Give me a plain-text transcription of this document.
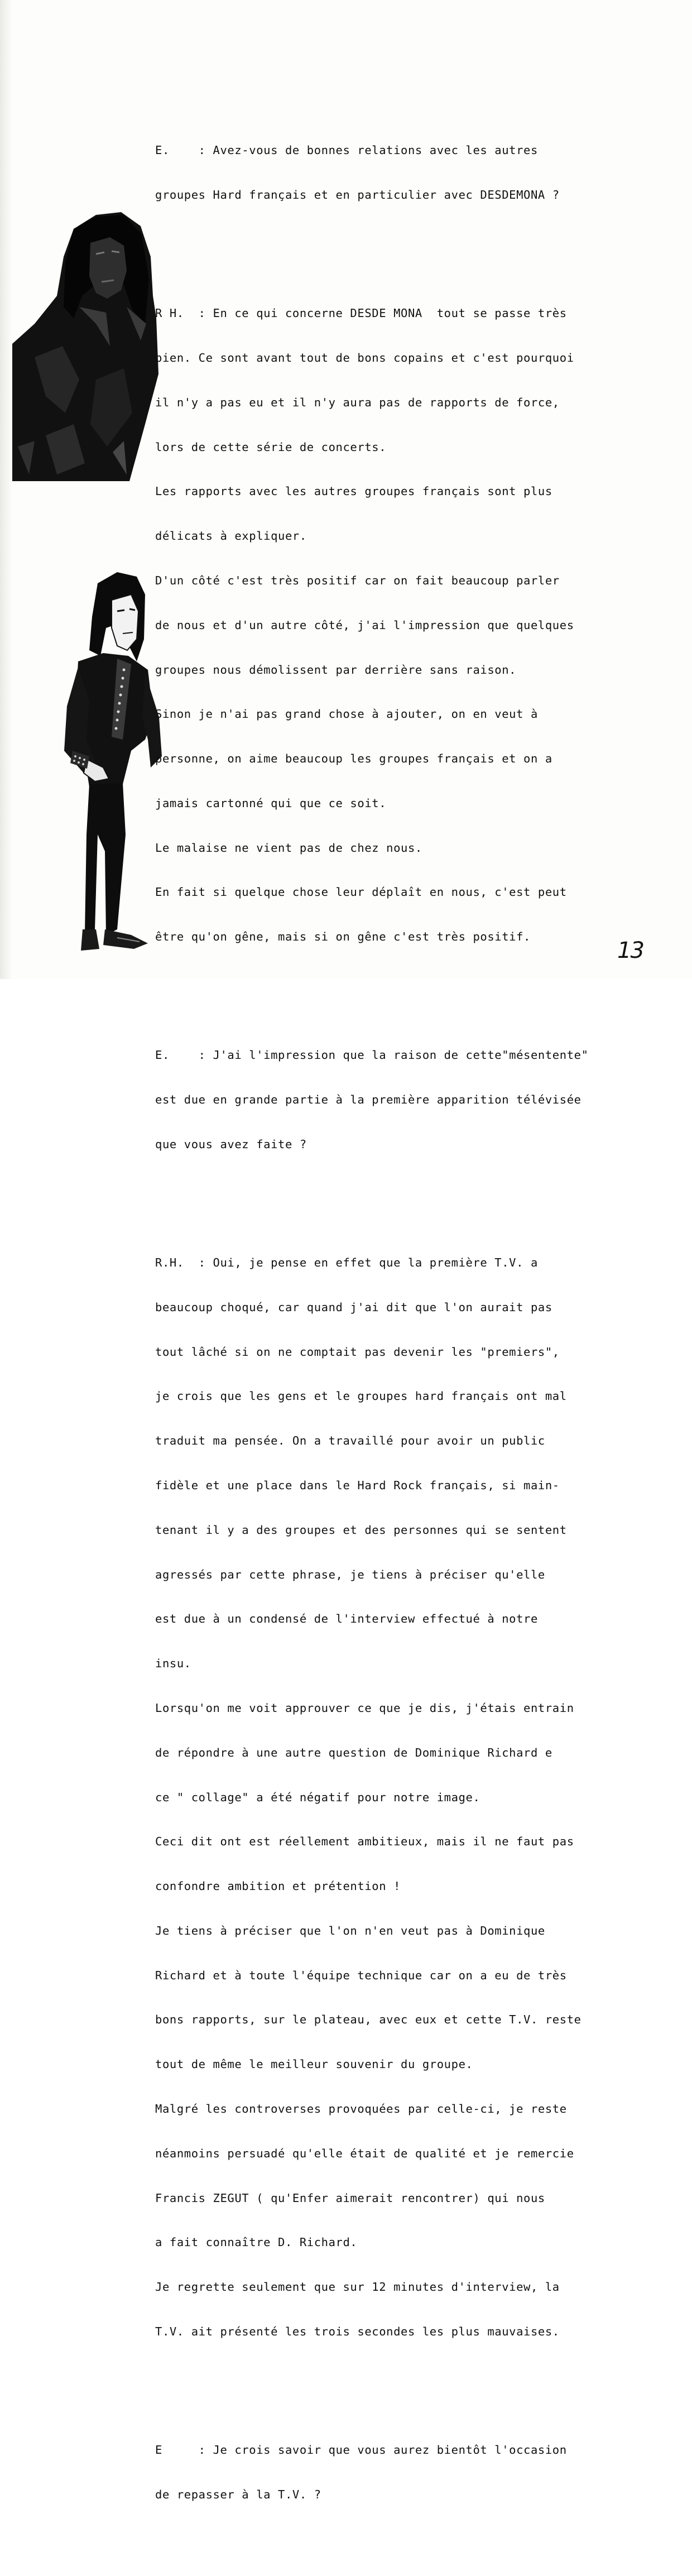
E.    : Avez-vous de bonnes relations avec les autres

groupes Hard français et en particulier avec DESDEMONA ?

R H.  : En ce qui concerne DESDE MONA  tout se passe très

bien. Ce sont avant tout de bons copains et c'est pourquoi

il n'y a pas eu et il n'y aura pas de rapports de force,

lors de cette série de concerts.

Les rapports avec les autres groupes français sont plus

délicats à expliquer.

D'un côté c'est très positif car on fait beaucoup parler

de nous et d'un autre côté, j'ai l'impression que quelques

groupes nous démolissent par derrière sans raison.

Sinon je n'ai pas grand chose à ajouter, on en veut à

personne, on aime beaucoup les groupes français et on a

jamais cartonné qui que ce soit.

Le malaise ne vient pas de chez nous.

En fait si quelque chose leur déplaît en nous, c'est peut

être qu'on gêne, mais si on gêne c'est très positif.

E.    : J'ai l'impression que la raison de cette"mésentente"

est due en grande partie à la première apparition télévisée

que vous avez faite ?

R.H.  : Oui, je pense en effet que la première T.V. a

beaucoup choqué, car quand j'ai dit que l'on aurait pas

tout lâché si on ne comptait pas devenir les "premiers",

je crois que les gens et le groupes hard français ont mal

traduit ma pensée. On a travaillé pour avoir un public

fidèle et une place dans le Hard Rock français, si main-

tenant il y a des groupes et des personnes qui se sentent

agressés par cette phrase, je tiens à préciser qu'elle

est due à un condensé de l'interview effectué à notre

insu.

Lorsqu'on me voit approuver ce que je dis, j'étais entrain

de répondre à une autre question de Dominique Richard e

ce " collage" a été négatif pour notre image.

Ceci dit ont est réellement ambitieux, mais il ne faut pas

confondre ambition et prétention !

Je tiens à préciser que l'on n'en veut pas à Dominique

Richard et à toute l'équipe technique car on a eu de très

bons rapports, sur le plateau, avec eux et cette T.V. reste

tout de même le meilleur souvenir du groupe.

Malgré les controverses provoquées par celle-ci, je reste

néanmoins persuadé qu'elle était de qualité et je remercie

Francis ZEGUT ( qu'Enfer aimerait rencontrer) qui nous

a fait connaître D. Richard.

Je regrette seulement que sur 12 minutes d'interview, la

T.V. ait présenté les trois secondes les plus mauvaises.

E     : Je crois savoir que vous aurez bientôt l'occasion

de repasser à la T.V. ?

13
